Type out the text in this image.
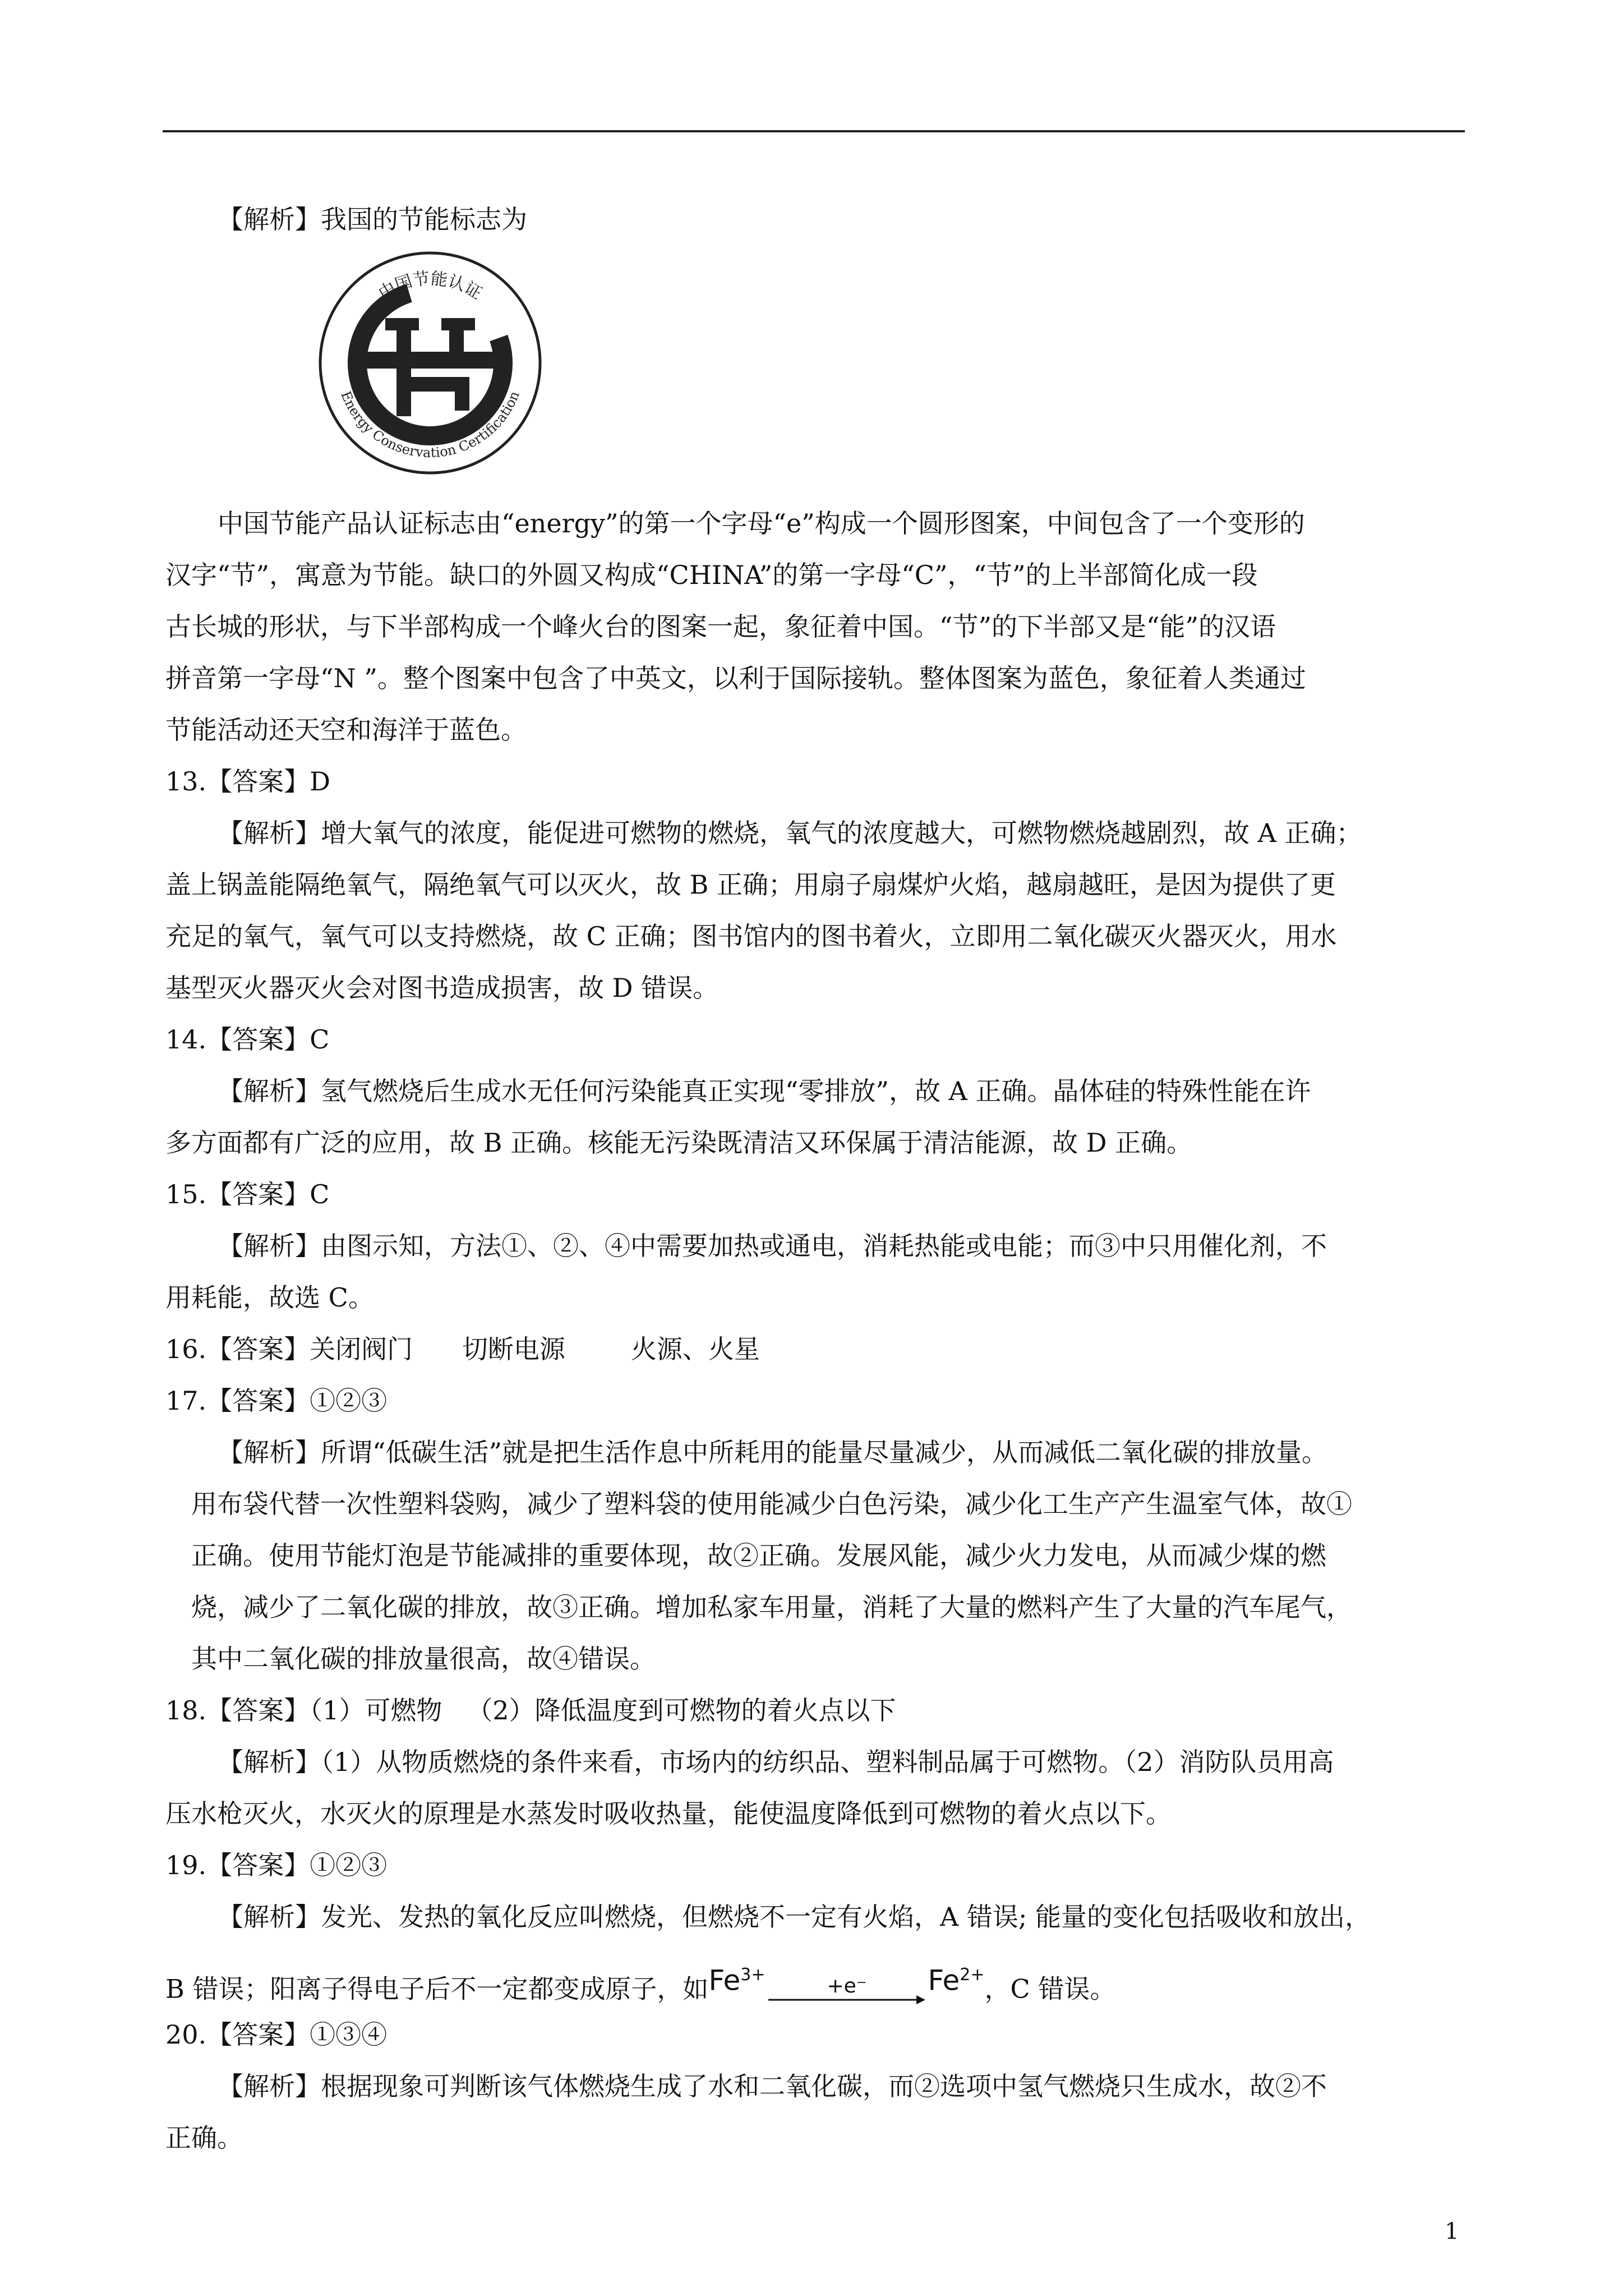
【解析】我国的节能标志为
中国节能认证
Energy Conservation Certification
中国节能产品认证标志由“energy”的第一个字母“e”构成一个圆形图案，中间包含了一个变形的
汉字“节”，寓意为节能。缺口的外圆又构成“CHINA”的第一字母“C”，“节”的上半部简化成一段
古长城的形状，与下半部构成一个峰火台的图案一起，象征着中国。“节”的下半部又是“能”的汉语
拼音第一字母“N ”。整个图案中包含了中英文，以利于国际接轨。整体图案为蓝色，象征着人类通过
节能活动还天空和海洋于蓝色。
13.【答案】D
【解析】增大氧气的浓度，能促进可燃物的燃烧，氧气的浓度越大，可燃物燃烧越剧烈，故 A 正确；
盖上锅盖能隔绝氧气，隔绝氧气可以灭火，故 B 正确；用扇子扇煤炉火焰，越扇越旺，是因为提供了更
充足的氧气，氧气可以支持燃烧，故 C 正确；图书馆内的图书着火，立即用二氧化碳灭火器灭火，用水
基型灭火器灭火会对图书造成损害，故 D 错误。
14.【答案】C
【解析】氢气燃烧后生成水无任何污染能真正实现“零排放”，故 A 正确。晶体硅的特殊性能在许
多方面都有广泛的应用，故 B 正确。核能无污染既清洁又环保属于清洁能源，故 D 正确。
15.【答案】C
【解析】由图示知，方法①、②、④中需要加热或通电，消耗热能或电能；而③中只用催化剂，不
用耗能，故选 C。
16.【答案】关闭阀门      切断电源        火源、火星
17.【答案】①②③
【解析】所谓“低碳生活”就是把生活作息中所耗用的能量尽量减少，从而减低二氧化碳的排放量。
用布袋代替一次性塑料袋购，减少了塑料袋的使用能减少白色污染，减少化工生产产生温室气体，故①
正确。使用节能灯泡是节能减排的重要体现，故②正确。发展风能，减少火力发电，从而减少煤的燃
烧，减少了二氧化碳的排放，故③正确。增加私家车用量，消耗了大量的燃料产生了大量的汽车尾气，
其中二氧化碳的排放量很高，故④错误。
18.【答案】（1）可燃物   （2）降低温度到可燃物的着火点以下
【解析】（1）从物质燃烧的条件来看，市场内的纺织品、塑料制品属于可燃物。（2）消防队员用高
压水枪灭火，水灭火的原理是水蒸发时吸收热量，能使温度降低到可燃物的着火点以下。
19.【答案】①②③
【解析】发光、发热的氧化反应叫燃烧，但燃烧不一定有火焰，A 错误; 能量的变化包括吸收和放出，
B 错误；阳离子得电子后不一定都变成原子，如$Fe^{3+}$	+e⁻ $Fe^{2+}$，C 错误。
20.【答案】①③④
【解析】根据现象可判断该气体燃烧生成了水和二氧化碳，而②选项中氢气燃烧只生成水，故②不
正确。
1
